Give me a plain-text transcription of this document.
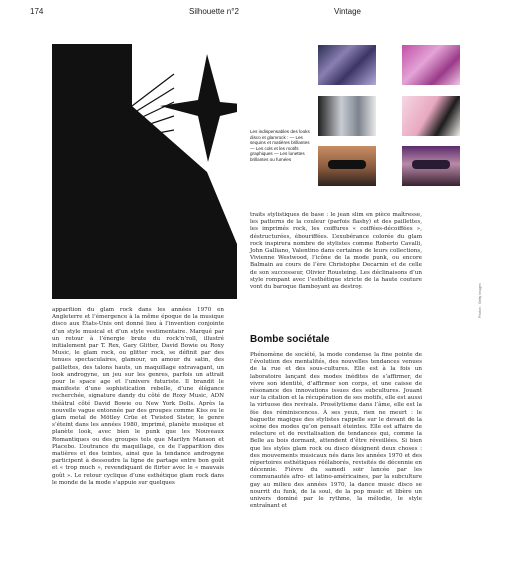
174	Silhouette n°2	Vintage
Les indispensables des looks disco et glamrock : — Les sequins et matières brillantes — Les cols et les motifs graphiques — Les lunettes brillantes ou fumées

apparition du glam rock dans les années 1970 en Angleterre et l’émergence à la même époque de la musique disco aux États-Unis ont donné lieu à l’invention conjointe d’un style musical et d’un style vestimentaire. Marqué par un retour à l’énergie brute du rock’n’roll, illustré initialement par T. Rex, Gary Glitter, David Bowie ou Roxy Music, le glam rock, ou glitter rock, se définit par des tenues spectaculaires, glamour, un amour du satin, des paillettes, des talons hauts, un maquillage extravagant, un look androgyne, un jeu sur les genres, parfois un attrait pour le space age et l’univers futuriste. Il brandit le manifeste d’une sophistication rebelle, d’une élégance recherchée, signature dandy du côté de Roxy Music, ADN théâtral côté David Bowie ou New York Dolls. Après la nouvelle vague entonnée par des groupes comme Kiss ou le glam metal de Mötley Crüe et Twisted Sister, le genre s’éteint dans les années 1980, imprimé, planète musique et planète look, avec bien le punk que les Nouveaux Romantiques ou des groupes tels que Marilyn Manson et Placebo. L’outrance du maquillage, ce de l’apparition des matières et des teintes, ainsi que la tendance androgyne participent à dessoudre la ligne de partage entre bon goût et « trop much », revendiquant de flirter avec le « mauvais goût ». Le retour cyclique d’une esthétique glam rock dans le monde de la mode s’appuie sur quelques

traits stylistiques de base : le jean slim en pièce maîtresse, les patterns de la couleur (parfois flashy) et des paillettes, les imprimés rock, les coiffures « coiffées-décoiffées », déstructurées, ébouriffées. L’exubérance colorée du glam rock inspirera nombre de stylistes comme Roberto Cavalli, John Galliano, Valentino dans certaines de leurs collections, Vivienne Westwood, l’icône de la mode punk, ou encore Balmain au cours de l’ère Christophe Decarnin et de celle de son successeur, Olivier Rousteing. Les déclinaisons d’un style rompant avec l’esthétique stricte de la haute couture vont du baroque flamboyant au destroy.

Bombe sociétale

Phénomène de société, la mode condense la fine pointe de l’évolution des mentalités, des nouvelles tendances venues de la rue et des sous-cultures. Elle est à la fois un laboratoire lançant des modes inédites de s’affirmer, de vivre son identité, d’affirmer son corps, et une caisse de résonance des innovations issues des subcultures. Jouant sur la citation et la récupération de ses motifs, elle est aussi la virtuose des revivals. Prosélytisme dans l’âme, elle est la fée des réminiscences. À ses yeux, rien ne meurt : le baguette magique des stylistes rappelle sur le devant de la scène des modes qu’on pensait éteintes. Elle est affaire de relecture et de revitalisation de tendances qui, comme la Belle au bois dormant, attendent d’être réveillées. Si bien que les styles glam rock ou disco désignent deux choses : des mouvements musicaux nés dans les années 1970 et des répertoires esthétiques réélaborés, revisités de décennie en décennie. Fièvre du samedi soir lancée par les communautés afro- et latino-américaines, par la subculture gay au milieu des années 1970, la dance music disco se nourrit du funk, de la soul, de la pop music et libère un univers dominé par le rythme, la mélodie, le style entraînant et

Photos : Getty Images
